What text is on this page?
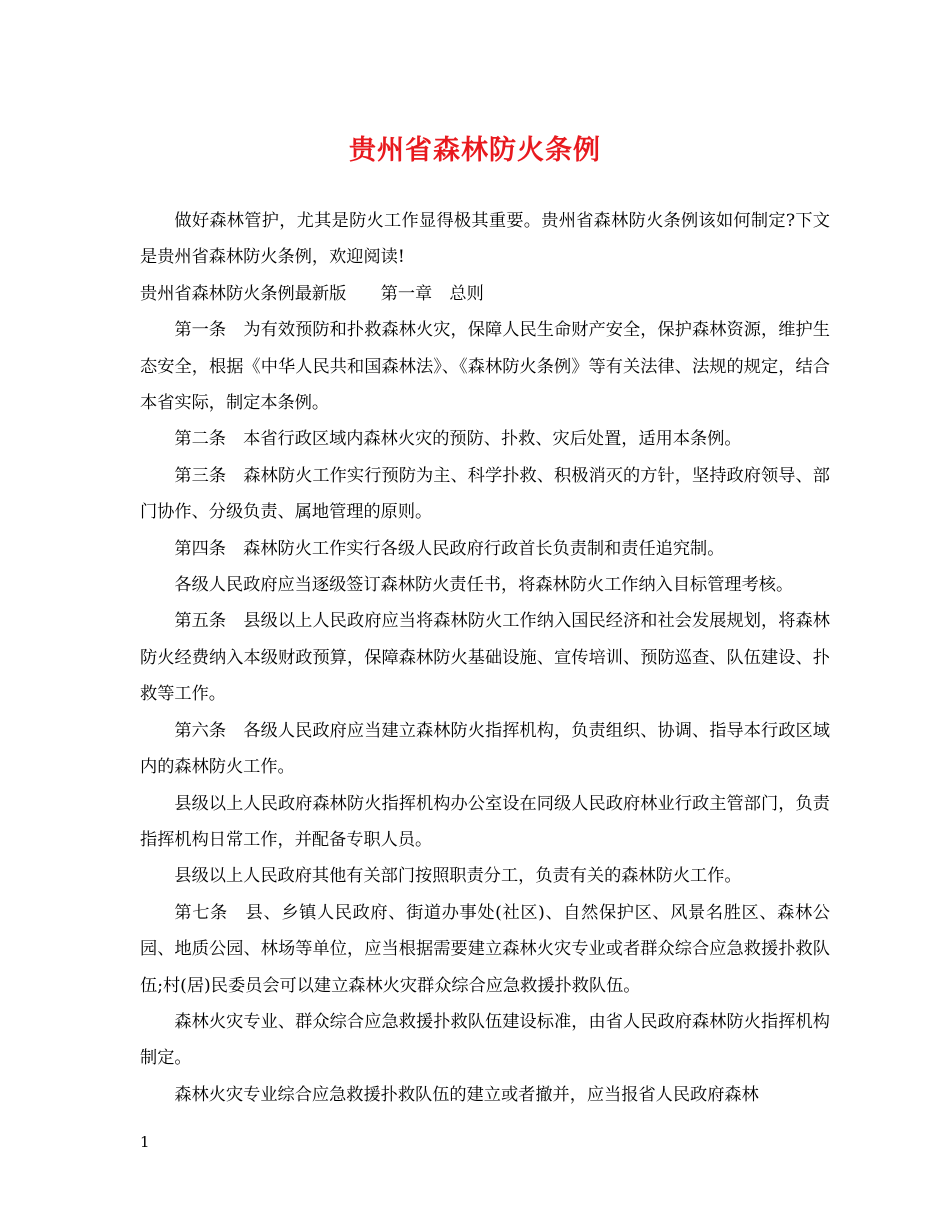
贵州省森林防火条例

做好森林管护，尤其是防火工作显得极其重要。贵州省森林防火条例该如何制定?下文是贵州省森林防火条例，欢迎阅读!

贵州省森林防火条例最新版　　第一章　总则

第一条　为有效预防和扑救森林火灾，保障人民生命财产安全，保护森林资源，维护生态安全，根据《中华人民共和国森林法》、《森林防火条例》等有关法律、法规的规定，结合本省实际，制定本条例。

第二条　本省行政区域内森林火灾的预防、扑救、灾后处置，适用本条例。

第三条　森林防火工作实行预防为主、科学扑救、积极消灭的方针，坚持政府领导、部门协作、分级负责、属地管理的原则。

第四条　森林防火工作实行各级人民政府行政首长负责制和责任追究制。

各级人民政府应当逐级签订森林防火责任书，将森林防火工作纳入目标管理考核。

第五条　县级以上人民政府应当将森林防火工作纳入国民经济和社会发展规划，将森林防火经费纳入本级财政预算，保障森林防火基础设施、宣传培训、预防巡查、队伍建设、扑救等工作。

第六条　各级人民政府应当建立森林防火指挥机构，负责组织、协调、指导本行政区域内的森林防火工作。

县级以上人民政府森林防火指挥机构办公室设在同级人民政府林业行政主管部门，负责指挥机构日常工作，并配备专职人员。

县级以上人民政府其他有关部门按照职责分工，负责有关的森林防火工作。

第七条　县、乡镇人民政府、街道办事处(社区)、自然保护区、风景名胜区、森林公园、地质公园、林场等单位，应当根据需要建立森林火灾专业或者群众综合应急救援扑救队伍;村(居)民委员会可以建立森林火灾群众综合应急救援扑救队伍。

森林火灾专业、群众综合应急救援扑救队伍建设标准，由省人民政府森林防火指挥机构制定。

森林火灾专业综合应急救援扑救队伍的建立或者撤并，应当报省人民政府森林

1
